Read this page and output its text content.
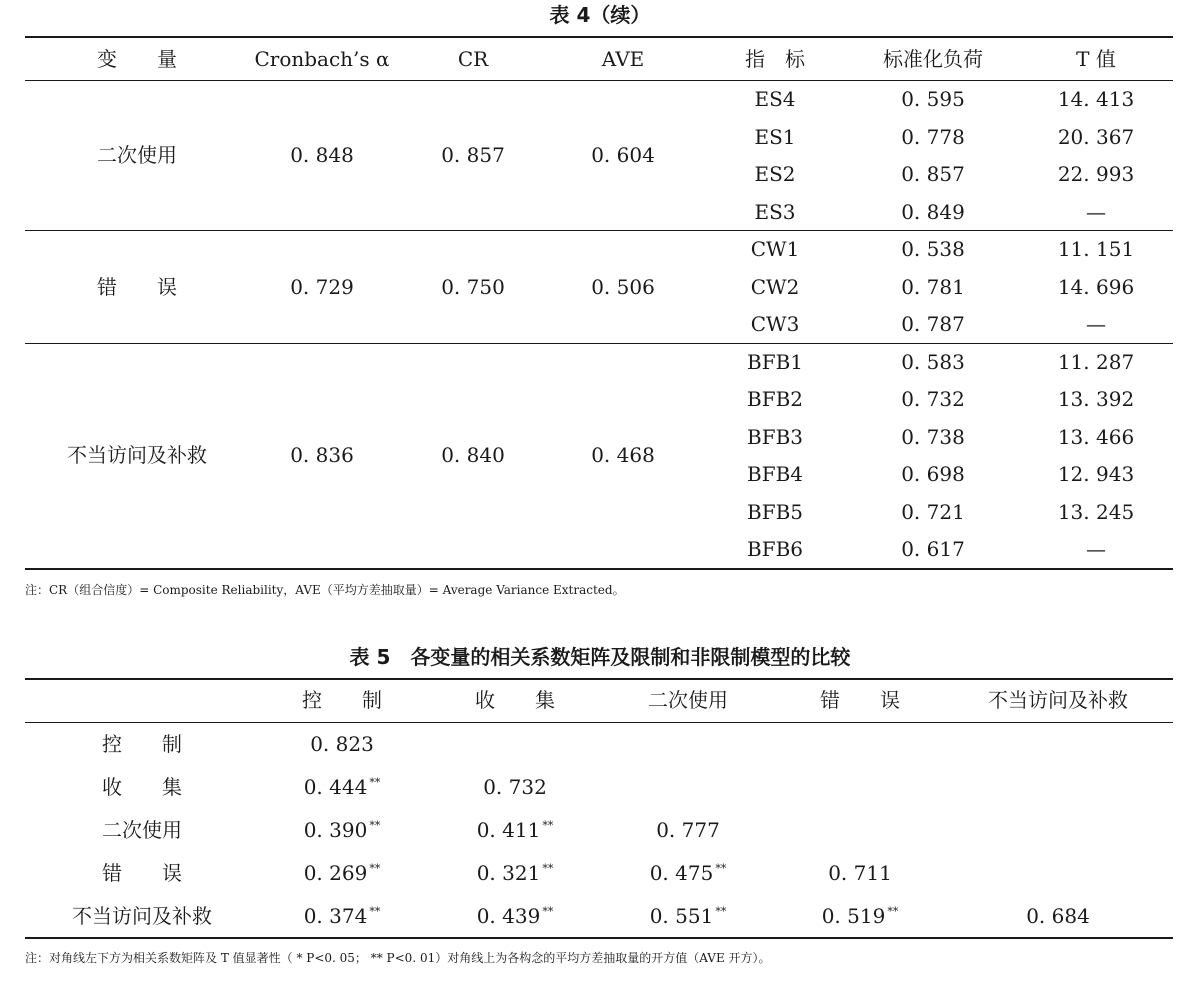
表 4（续）
变　　量	Cronbach’s α	CR	AVE	指　标	标准化负荷	T 值
二次使用	0. 848	0. 857	0. 604
ES4	0. 595	14. 413
ES1	0. 778	20. 367
ES2	0. 857	22. 993
ES3	0. 849	—
错　　误	0. 729	0. 750	0. 506
CW1	0. 538	11. 151
CW2	0. 781	14. 696
CW3	0. 787	—
不当访问及补救	0. 836	0. 840	0. 468
BFB1	0. 583	11. 287
BFB2	0. 732	13. 392
BFB3	0. 738	13. 466
BFB4	0. 698	12. 943
BFB5	0. 721	13. 245
BFB6	0. 617	—
注：CR（组合信度）= Composite Reliability，AVE（平均方差抽取量）= Average Variance Extracted。
表 5　各变量的相关系数矩阵及限制和非限制模型的比较
控　　制	收　　集	二次使用	错　　误	不当访问及补救
控　　制	0. 823
收　　集	0. 444 **	0. 732
二次使用	0. 390 **	0. 411 **	0. 777
错　　误	0. 269 **	0. 321 **	0. 475 **	0. 711
不当访问及补救	0. 374 **	0. 439 **	0. 551 **	0. 519 **	0. 684
注：对角线左下方为相关系数矩阵及 T 值显著性（ * P<0. 05； ** P<0. 01）对角线上为各构念的平均方差抽取量的开方值（AVE 开方）。
